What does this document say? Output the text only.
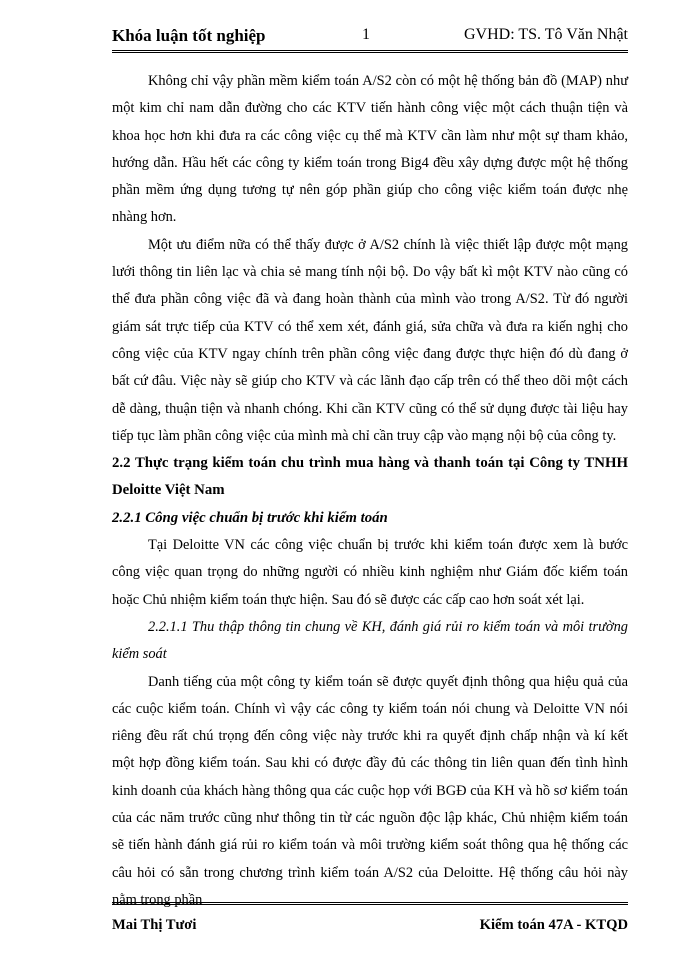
Khóa luận tốt nghiệp	1	GVHD: TS. Tô Văn Nhật

Không chỉ vậy phần mềm kiểm toán A/S2 còn có một hệ thống bản đồ (MAP) như một kim chỉ nam dẫn đường cho các KTV tiến hành công việc một cách thuận tiện và khoa học hơn khi đưa ra các công việc cụ thể mà KTV cần làm như một sự tham khảo, hướng dẫn. Hầu hết các công ty kiểm toán trong Big4 đều xây dựng được một hệ thống phần mềm ứng dụng tương tự nên góp phần giúp cho công việc kiểm toán được nhẹ nhàng hơn.

Một ưu điểm nữa có thể thấy được ở A/S2 chính là việc thiết lập được một mạng lưới thông tin liên lạc và chia sẻ mang tính nội bộ. Do vậy bất kì một KTV nào cũng có thể đưa phần công việc đã và đang hoàn thành của mình vào trong A/S2. Từ đó người giám sát trực tiếp của KTV có thể xem xét, đánh giá, sửa chữa và đưa ra kiến nghị cho công việc của KTV ngay chính trên phần công việc đang được thực hiện đó dù đang ở bất cứ đâu. Việc này sẽ giúp cho KTV và các lãnh đạo cấp trên có thể theo dõi một cách dễ dàng, thuận tiện và nhanh chóng. Khi cần KTV cũng có thể sử dụng được tài liệu hay tiếp tục làm phần công việc của mình mà chỉ cần truy cập vào mạng nội bộ của công ty.

2.2 Thực trạng kiểm toán chu trình mua hàng và thanh toán tại Công ty TNHH Deloitte Việt Nam

2.2.1 Công việc chuẩn bị trước khi kiểm toán

Tại Deloitte VN các công việc chuẩn bị trước khi kiểm toán được xem là bước công việc quan trọng do những người có nhiều kinh nghiệm như Giám đốc kiểm toán hoặc Chủ nhiệm kiểm toán thực hiện. Sau đó sẽ được các cấp cao hơn soát xét lại.

2.2.1.1 Thu thập thông tin chung về KH, đánh giá rủi ro kiểm toán và môi trường kiểm soát

Danh tiếng của một công ty kiểm toán sẽ được quyết định thông qua hiệu quả của các cuộc kiểm toán. Chính vì vậy các công ty kiểm toán nói chung và Deloitte VN nói riêng đều rất chú trọng đến công việc này trước khi ra quyết định chấp nhận và kí kết một hợp đồng kiểm toán. Sau khi có được đầy đủ các thông tin liên quan đến tình hình kinh doanh của khách hàng thông qua các cuộc họp với BGĐ của KH và hồ sơ kiểm toán của các năm trước cũng như thông tin từ các nguồn độc lập khác, Chủ nhiệm kiểm toán sẽ tiến hành đánh giá rủi ro kiểm toán và môi trường kiểm soát thông qua hệ thống các câu hỏi có sẵn trong chương trình kiểm toán A/S2 của Deloitte. Hệ thống câu hỏi này nằm trong phần

Mai Thị Tươi	Kiểm toán 47A - KTQD
